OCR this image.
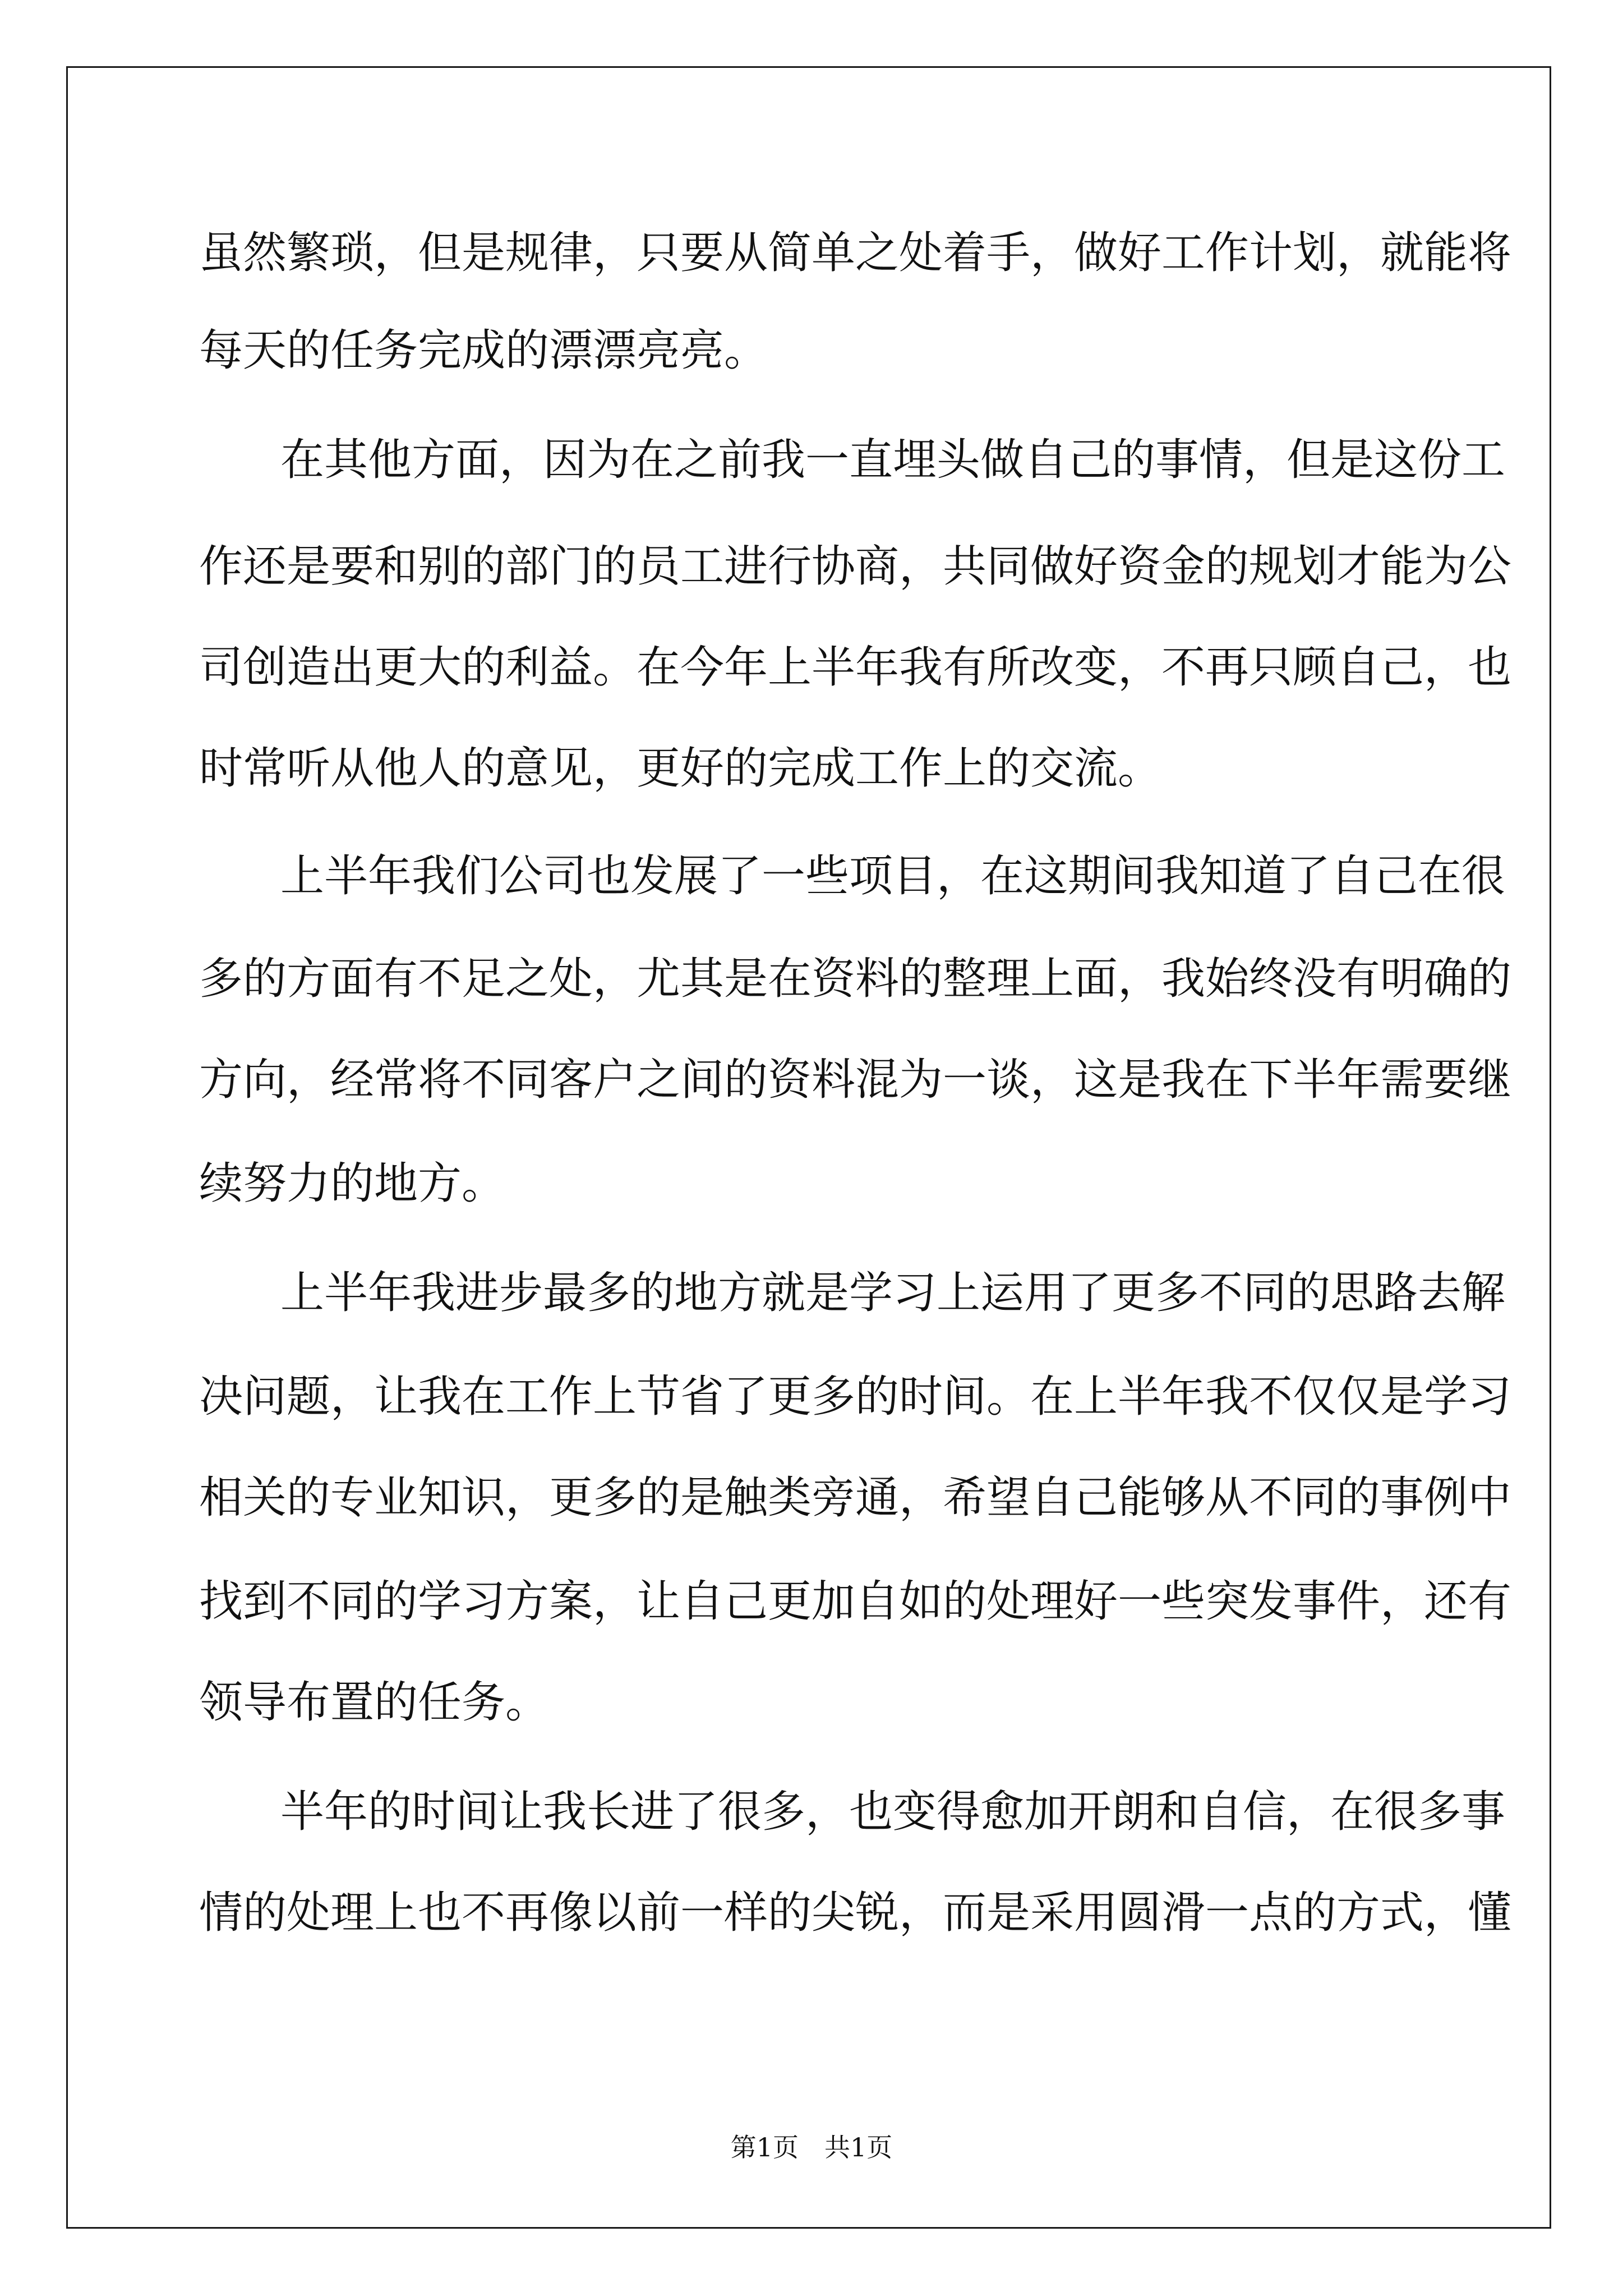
虽然繁琐，但是规律，只要从简单之处着手，做好工作计划，就能将
每天的任务完成的漂漂亮亮。
在其他方面，因为在之前我一直埋头做自己的事情，但是这份工
作还是要和别的部门的员工进行协商，共同做好资金的规划才能为公
司创造出更大的利益。在今年上半年我有所改变，不再只顾自己，也
时常听从他人的意见，更好的完成工作上的交流。
上半年我们公司也发展了一些项目，在这期间我知道了自己在很
多的方面有不足之处，尤其是在资料的整理上面，我始终没有明确的
方向，经常将不同客户之间的资料混为一谈，这是我在下半年需要继
续努力的地方。
上半年我进步最多的地方就是学习上运用了更多不同的思路去解
决问题，让我在工作上节省了更多的时间。在上半年我不仅仅是学习
相关的专业知识，更多的是触类旁通，希望自己能够从不同的事例中
找到不同的学习方案，让自己更加自如的处理好一些突发事件，还有
领导布置的任务。
半年的时间让我长进了很多，也变得愈加开朗和自信，在很多事
情的处理上也不再像以前一样的尖锐，而是采用圆滑一点的方式，懂
第1页　共1页
